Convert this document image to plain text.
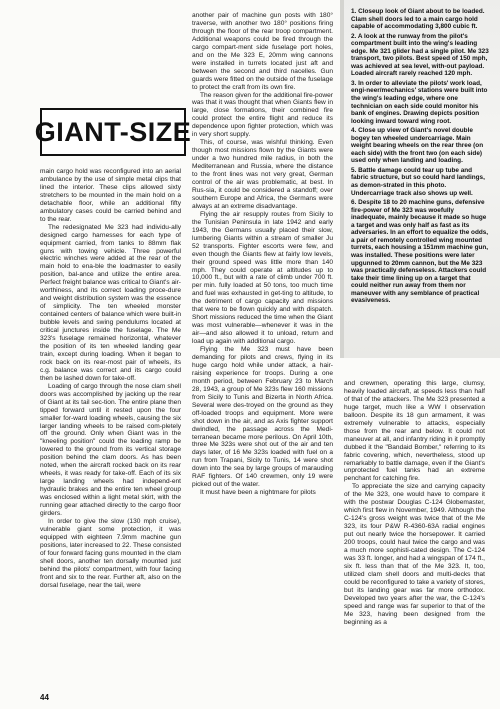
GIANT-SIZE

main cargo hold was reconfigured into an aerial ambulance by the use of simple metal clips that lined the interior. These clips allowed sixty stretchers to be mounted in the main hold on a detachable floor, while an additional fifty ambulatory cases could be carried behind and to the rear.

The redesignated Me 323 had individu-ally designed cargo harnesses for each type of equipment carried, from tanks to 88mm flak guns with towing vehicle. Three powerful electric winches were added at the rear of the main hold to ena-ble the loadmaster to easily position, bal-ance and utilize the entire area. Perfect freight balance was critical to Giant's air-worthiness, and its correct loading proce-dure and weight distribution system was the essence of simplicity. The ten wheeled monster contained centers of balance which were built-in bubble levels and swing pendulums located at critical junctures inside the fuselage. The Me 323's fuselage remained horizontal, whatever the position of its ten wheeled landing gear train, except during loading. When it began to rock back on its rear-most pair of wheels, its c.g. balance was correct and its cargo could then be lashed down for take-off.

Loading of cargo through the nose clam shell doors was accomplished by jacking up the rear of Giant at its tail sec-tion. The entire plane then tipped forward until it rested upon the four smaller for-ward loading wheels, causing the six larger landing wheels to be raised com-pletely off the ground. Only when Giant was in the "kneeling position" could the loading ramp be lowered to the ground from its vertical storage position behind the clam doors. As has been noted, when the aircraft rocked back on its rear wheels, it was ready for take-off. Each of its six large landing wheels had independ-ent hydraulic brakes and the entire ten wheel group was enclosed within a light metal skirt, with the running gear attached directly to the cargo floor girders.

In order to give the slow (130 mph cruise), vulnerable giant some protection, it was equipped with eighteen 7.9mm machine gun positions, later increased to 22. These consisted of four forward facing guns mounted in the clam shell doors, another ten dorsally mounted just behind the pilots' compartment, with four facing front and six to the rear. Further aft, also on the dorsal fuselage, near the tail, were

another pair of machine gun posts with 180° traverse, with another two 180° positions firing through the floor of the rear troop compartment. Additional weapons could be fired through the cargo compart-ment side fuselage port holes, and on the Me 323 E, 20mm wing cannons were installed in turrets located just aft and between the second and third nacelles. Gun guards were fitted on the outside of the fuselage to protect the craft from its own fire.

The reason given for the additional fire-power was that it was thought that when Giants flew in large, close formations, their combined fire could protect the entire flight and reduce its dependence upon fighter protection, which was in very short supply.

This, of course, was wishful thinking. Even though most missions flown by the Giants were under a two hundred mile radius, in both the Mediterranean and Russia, where the distance to the front lines was not very great, German control of the air was problematic, at best. In Rus-sia, it could be considered a standoff; over southern Europe and Africa, the Germans were always at an extreme disadvantage.

Flying the air resupply routes from Sicily to the Tunisian Peninsula in late 1942 and early 1943, the Germans usually placed their slow, lumbering Giants within a stream of smaller Ju 52 transports. Fighter escorts were few, and even though the Giants flew at fairly low levels, their ground speed was little more than 140 mph. They could operate at altitudes up to 10,000 ft., but with a rate of climb under 700 ft. per min. fully loaded at 50 tons, too much time and fuel was exhausted in get-ting to altitude, to the detriment of cargo capacity and missions that were to be flown quickly and with dispatch. Short missions reduced the time when the Giant was most vulnerable—whenever it was in the air—and also allowed it to unload, return and load up again with additional cargo.

Flying the Me 323 must have been demanding for pilots and crews, flying in its huge cargo hold while under attack, a hair-raising experience for troops. During a one month period, between February 23 to March 28, 1943, a group of Me 323s flew 160 missions from Sicily to Tunis and Bizerta in North Africa. Several were des-troyed on the ground as they off-loaded troops and equipment. More were shot down in the air, and as Axis fighter support dwindled, the passage across the Medi-terranean became more perilous. On April 10th, three Me 323s were shot out of the air and ten days later, of 16 Me 323s loaded with fuel on a run from Trapani, Sicily to Tunis, 14 were shot down into the sea by large groups of marauding RAF fighters. Of 140 crewmen, only 19 were picked out of the water.

It must have been a nightmare for pilots

1. Closeup look of Giant about to be loaded. Clam shell doors led to a main cargo hold capable of accommodating 3,800 cubic ft.

2. A look at the runway from the pilot's compartment built into the wing's leading edge. Me 321 glider had a single pilot. Me 323 transport, two pilots. Best speed of 150 mph, was achieved at sea level, with-out payload. Loaded aircraft rarely reached 120 mph.

3. In order to alleviate the pilots' work load, engi-neer/mechanics' stations were built into the wing's leading edge, where one technician on each side could monitor his bank of engines. Drawing depicts position looking inward toward wing root.

4. Close up view of Giant's novel double bogey ten wheeled undercarriage. Main weight bearing wheels on the rear three (on each side) with the front two (on each side) used only when landing and loading.

5. Battle damage could tear up tube and fabric structure, but so could hard landings, as demon-strated in this photo. Undercarriage track also shows up well.

6. Despite 18 to 20 machine guns, defensive fire-power of Me 323 was woefully inadequate, mainly because it made so huge a target and was only half as fast as its adversaries. In an effort to equalize the odds, a pair of remotely controlled wing mounted turrets, each housing a 151mm machine gun, was installed. These positions were later upgunned to 20mm cannon, but the Me 323 was practically defenseless. Attackers could take their time lining up on a target that could neither run away from them nor maneuver with any semblance of practical evasiveness.

and crewmen, operating this large, clumsy, heavily loaded aircraft, at speeds less than half of that of the attackers. The Me 323 presented a huge target, much like a WW I observation balloon. Despite its 18 gun armament, it was extremely vulnerable to attacks, especially those from the rear and below. It could not maneuver at all, and infantry riding in it promptly dubbed it the "Bandaid Bomber," referring to its fabric covering, which, nevertheless, stood up remarkably to battle damage, even if the Giant's unprotected fuel tanks had an extreme penchant for catching fire.

To appreciate the size and carrying capacity of the Me 323, one would have to compare it with the postwar Douglas C-124 Globemaster, which first flew in November, 1949. Although the C-124's gross weight was twice that of the Me 323, its four P&W R-4360-63A radial engines put out nearly twice the horsepower. It carried 200 troops, could haul twice the cargo and was a much more sophisti-cated design. The C-124 was 33 ft. longer, and had a wingspan of 174 ft., six ft. less than that of the Me 323. It, too, utilized clam shell doors and multi-decks that could be reconfigured to take a variety of stores, but its landing gear was far more orthodox. Developed two years after the war, the C-124's speed and range was far superior to that of the Me 323, having been designed from the beginning as a

44
